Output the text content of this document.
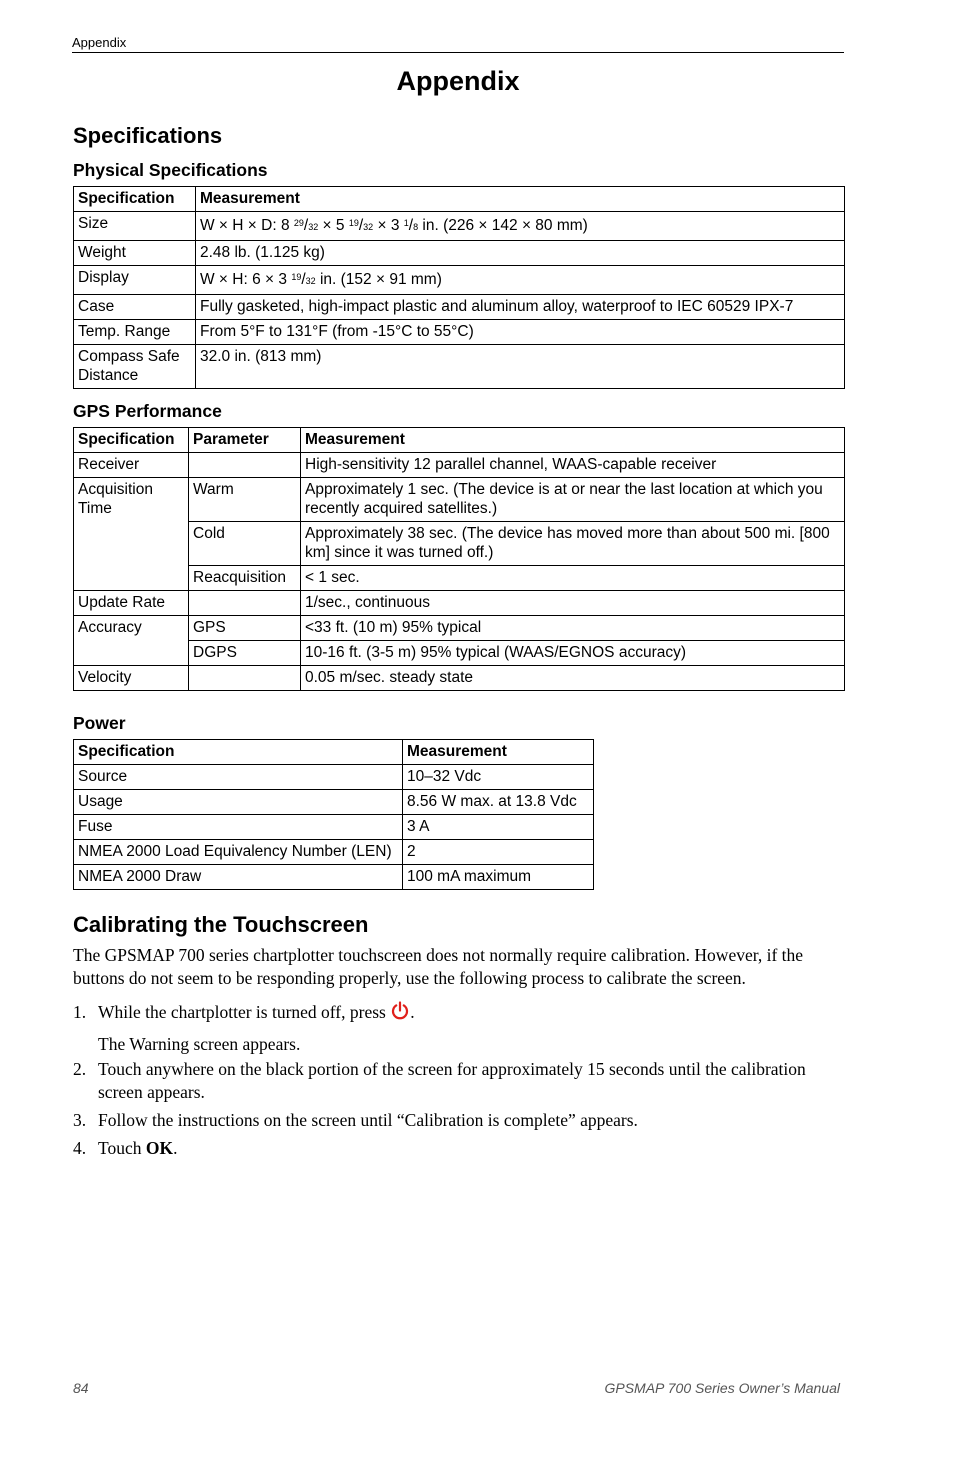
Appendix
Appendix
Specifications
Physical Specifications
Specification	Measurement
Size	W × H × D: 8 $^{29}$/32 × 5 $^{19}$/32 × 3 $^1$/8 in. (226 × 142 × 80 mm)
Weight	2.48 lb. (1.125 kg)
Display	W × H: 6 × 3 $^{19}$/32 in. (152 × 91 mm)
Case	Fully gasketed, high-impact plastic and aluminum alloy, waterproof to IEC 60529 IPX-7
Temp. Range	From 5°F to 131°F (from -15°C to 55°C)
Compass Safe Distance	32.0 in. (813 mm)
GPS Performance
Specification	Parameter	Measurement
Receiver		High-sensitivity 12 parallel channel, WAAS-capable receiver
Acquisition Time	Warm	Approximately 1 sec. (The device is at or near the last location at which you recently acquired satellites.)
	Cold	Approximately 38 sec. (The device has moved more than about 500 mi. [800 km] since it was turned off.)
	Reacquisition	< 1 sec.
Update Rate		1/sec., continuous
Accuracy	GPS	<33 ft. (10 m) 95% typical
	DGPS	10-16 ft. (3-5 m) 95% typical (WAAS/EGNOS accuracy)
Velocity		0.05 m/sec. steady state
Power
Specification	Measurement
Source	10–32 Vdc
Usage	8.56 W max. at 13.8 Vdc
Fuse	3 A
NMEA 2000 Load Equivalency Number (LEN)	2
NMEA 2000 Draw	100 mA maximum
Calibrating the Touchscreen
The GPSMAP 700 series chartplotter touchscreen does not normally require calibration. However, if the buttons do not seem to be responding properly, use the following process to calibrate the screen.
1. While the chartplotter is turned off, press .
The Warning screen appears.
2. Touch anywhere on the black portion of the screen for approximately 15 seconds until the calibration screen appears.
3. Follow the instructions on the screen until “Calibration is complete” appears.
4. Touch OK.
84	GPSMAP 700 Series Owner’s Manual
